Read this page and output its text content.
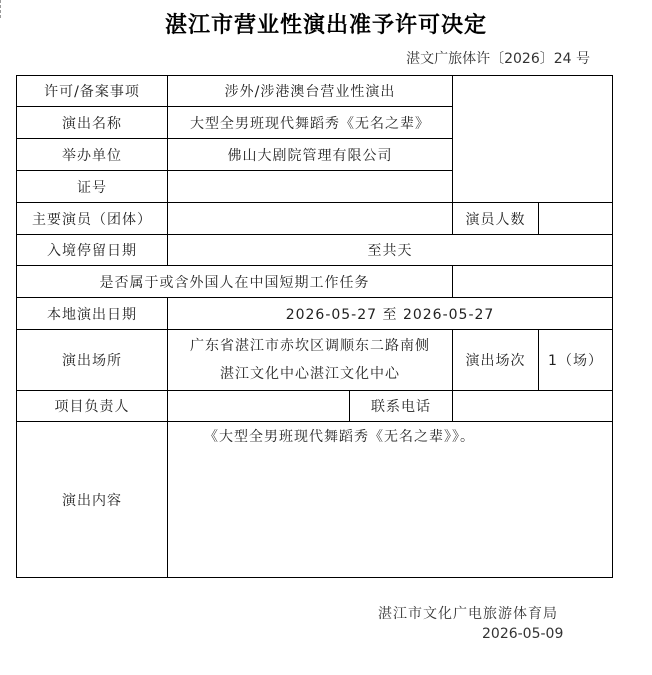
湛江市营业性演出准予许可决定
湛文广旅体许〔2026〕24 号
许可/备案事项	涉外/涉港澳台营业性演出			
演出名称	大型全男班现代舞蹈秀《无名之辈》			
举办单位	佛山大剧院管理有限公司			
证号				
主要演员（团体）			演员人数	
入境停留日期	至共天			
是否属于或含外国人在中国短期工作任务				
本地演出日期	2026-05-27 至 2026-05-27			
演出场所	广东省湛江市赤坎区调顺东二路南侧
湛江文化中心湛江文化中心		演出场次	1（场）
项目负责人		联系电话		
演出内容	《大型全男班现代舞蹈秀《无名之辈》》。			
湛江市文化广电旅游体育局
2026-05-09
